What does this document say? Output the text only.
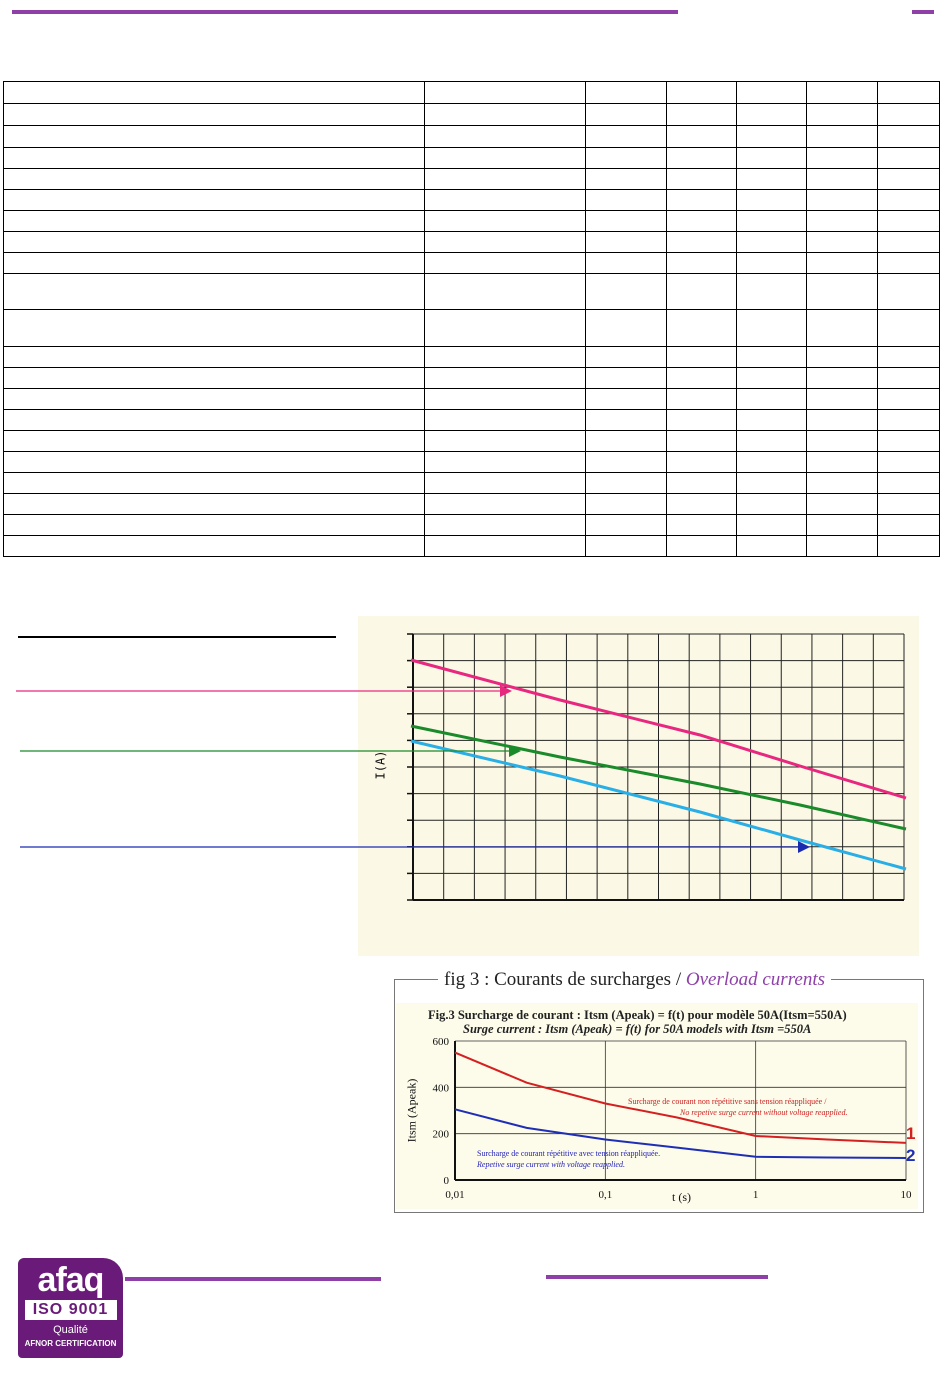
I(A)
fig 3 : Courants de surcharges / Overload currents
Fig.3 Surcharge de courant : Itsm (Apeak) = f(t) pour modèle 50A(Itsm=550A)
Surge current : Itsm (Apeak) = f(t) for 50A models with Itsm =550A
0,01	0,1	1	10
0
200
400
600
Itsm (Apeak)
t (s)
Surcharge de courant non répétitive sans tension réappliquée /
No repetive surge current without voltage reapplied.
Surcharge de courant répétitive avec tension réappliquée.
Repetive surge current with voltage reapplied.
1
2
afaq
ISO 9001
Qualité
AFNOR CERTIFICATION
